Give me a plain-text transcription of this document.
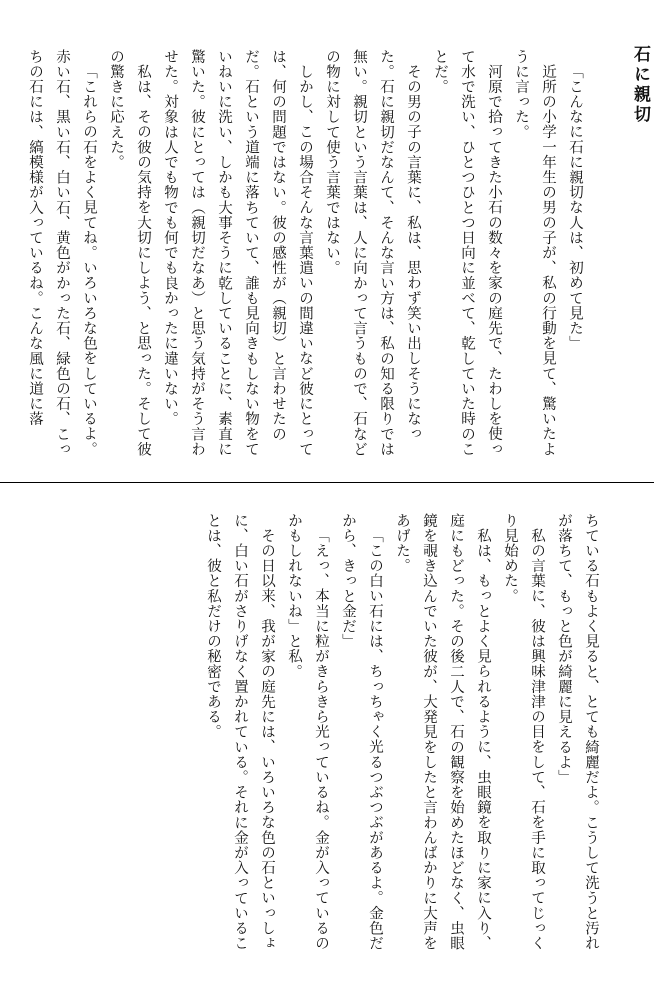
石に親切

「こんなに石に親切な人は、初めて見た」

近所の小学一年生の男の子が、私の行動を見て、驚いたように言った。

河原で拾ってきた小石の数々を家の庭先で、たわしを使って水で洗い、ひとつひとつ日向に並べて、乾していた時のことだ。

その男の子の言葉に、私は、思わず笑い出しそうになった。石に親切だなんて、そんな言い方は、私の知る限りでは無い。親切という言葉は、人に向かって言うもので、石などの物に対して使う言葉ではない。

しかし、この場合そんな言葉遣いの間違いなど彼にとっては、何の問題ではない。彼の感性が（親切）と言わせたのだ。石という道端に落ちていて、誰も見向きもしない物をていねいに洗い、しかも大事そうに乾していることに、素直に驚いた。彼にとっては（親切だなあ）と思う気持がそう言わせた。対象は人でも物でも何でも良かったに違いない。

私は、その彼の気持を大切にしよう、と思った。そして彼の驚きに応えた。

「これらの石をよく見てね。いろいろな色をしているよ。赤い石、黒い石、白い石、黄色がかった石、緑色の石、こっちの石には、縞模様が入っているね。こんな風に道に落

ちている石もよく見ると、とても綺麗だよ。こうして洗うと汚れが落ちて、もっと色が綺麗に見えるよ」

私の言葉に、彼は興味津津の目をして、石を手に取ってじっくり見始めた。

私は、もっとよく見られるように、虫眼鏡を取りに家に入り、庭にもどった。その後二人で、石の観察を始めたほどなく、虫眼鏡を覗き込んでいた彼が、大発見をしたと言わんばかりに大声をあげた。

「この白い石には、ちっちゃく光るつぶつぶがあるよ。金色だから、きっと金だ」

「えっ、本当に粒がきらきら光っているね。金が入っているのかもしれないね」と私。

その日以来、我が家の庭先には、いろいろな色の石といっしょに、白い石がさりげなく置かれている。それに金が入っていることは、彼と私だけの秘密である。
